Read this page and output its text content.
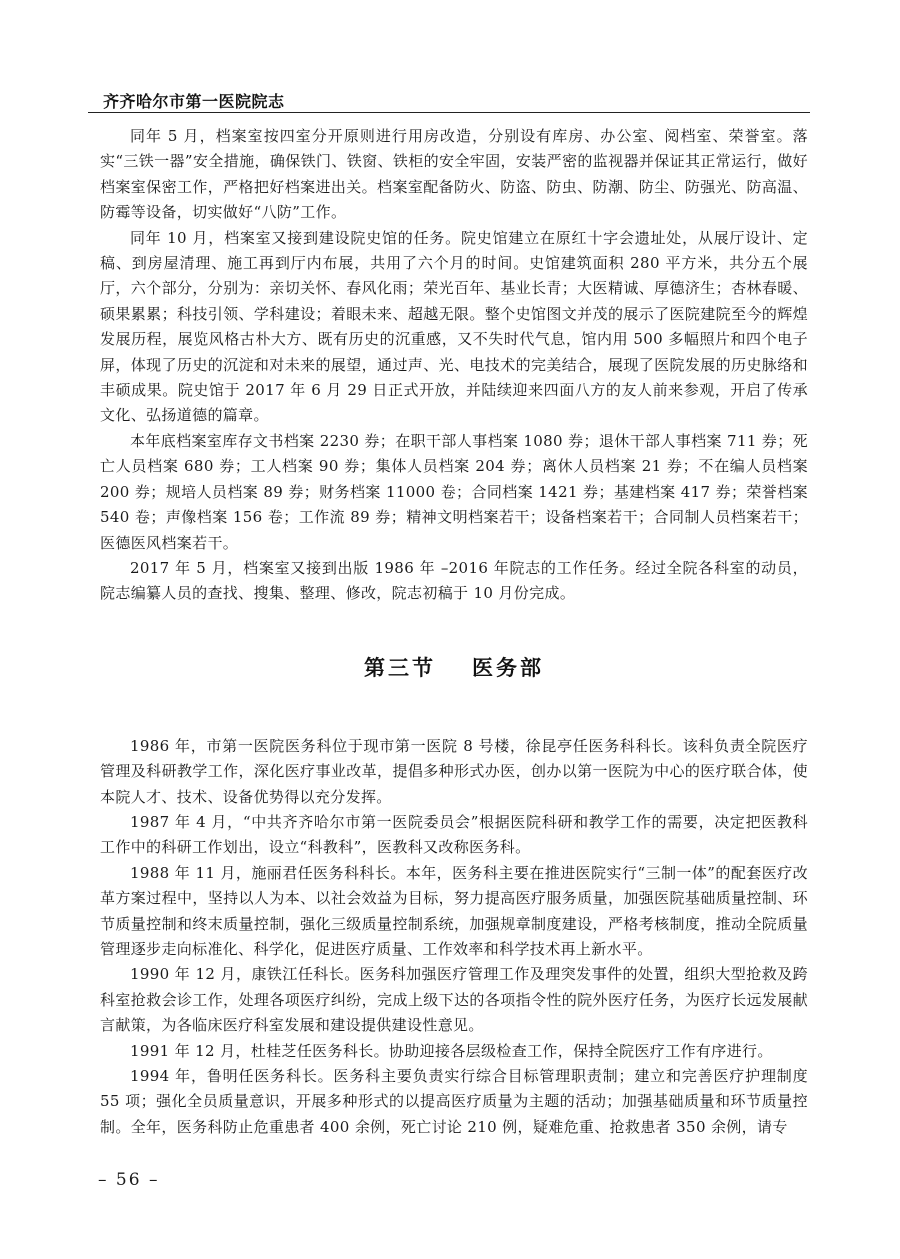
齐齐哈尔市第一医院院志

同年 5 月，档案室按四室分开原则进行用房改造，分别设有库房、办公室、阅档室、荣誉室。落实“三铁一器”安全措施，确保铁门、铁窗、铁柜的安全牢固，安装严密的监视器并保证其正常运行，做好档案室保密工作，严格把好档案进出关。档案室配备防火、防盗、防虫、防潮、防尘、防强光、防高温、防霉等设备，切实做好“八防”工作。

同年 10 月，档案室又接到建设院史馆的任务。院史馆建立在原红十字会遗址处，从展厅设计、定稿、到房屋清理、施工再到厅内布展，共用了六个月的时间。史馆建筑面积 280 平方米，共分五个展厅，六个部分，分别为：亲切关怀、春风化雨；荣光百年、基业长青；大医精诚、厚德济生；杏林春暖、硕果累累；科技引领、学科建设；着眼未来、超越无限。整个史馆图文并茂的展示了医院建院至今的辉煌发展历程，展览风格古朴大方、既有历史的沉重感，又不失时代气息，馆内用 500 多幅照片和四个电子屏，体现了历史的沉淀和对未来的展望，通过声、光、电技术的完美结合，展现了医院发展的历史脉络和丰硕成果。院史馆于 2017 年 6 月 29 日正式开放，并陆续迎来四面八方的友人前来参观，开启了传承文化、弘扬道德的篇章。

本年底档案室库存文书档案 2230 券；在职干部人事档案 1080 券；退休干部人事档案 711 券；死亡人员档案 680 券；工人档案 90 券；集体人员档案 204 券；离休人员档案 21 券；不在编人员档案 200 券；规培人员档案 89 券；财务档案 11000 卷；合同档案 1421 券；基建档案 417 券；荣誉档案 540 卷；声像档案 156 卷；工作流 89 券；精神文明档案若干；设备档案若干；合同制人员档案若干；医德医风档案若干。

2017 年 5 月，档案室又接到出版 1986 年 –2016 年院志的工作任务。经过全院各科室的动员，院志编纂人员的查找、搜集、整理、修改，院志初稿于 10 月份完成。

第三节 医务部

1986 年，市第一医院医务科位于现市第一医院 8 号楼，徐昆亭任医务科科长。该科负责全院医疗管理及科研教学工作，深化医疗事业改革，提倡多种形式办医，创办以第一医院为中心的医疗联合体，使本院人才、技术、设备优势得以充分发挥。

1987 年 4 月，“中共齐齐哈尔市第一医院委员会”根据医院科研和教学工作的需要，决定把医教科工作中的科研工作划出，设立“科教科”，医教科又改称医务科。

1988 年 11 月，施丽君任医务科科长。本年，医务科主要在推进医院实行“三制一体”的配套医疗改革方案过程中，坚持以人为本、以社会效益为目标，努力提高医疗服务质量，加强医院基础质量控制、环节质量控制和终末质量控制，强化三级质量控制系统，加强规章制度建设，严格考核制度，推动全院质量管理逐步走向标准化、科学化，促进医疗质量、工作效率和科学技术再上新水平。

1990 年 12 月，康铁江任科长。医务科加强医疗管理工作及理突发事件的处置，组织大型抢救及跨科室抢救会诊工作，处理各项医疗纠纷，完成上级下达的各项指令性的院外医疗任务，为医疗长远发展献言献策，为各临床医疗科室发展和建设提供建设性意见。

1991 年 12 月，杜桂芝任医务科长。协助迎接各层级检查工作，保持全院医疗工作有序进行。

1994 年，鲁明任医务科长。医务科主要负责实行综合目标管理职责制；建立和完善医疗护理制度 55 项；强化全员质量意识，开展多种形式的以提高医疗质量为主题的活动；加强基础质量和环节质量控制。全年，医务科防止危重患者 400 余例，死亡讨论 210 例，疑难危重、抢救患者 350 余例，请专

– 56 –
